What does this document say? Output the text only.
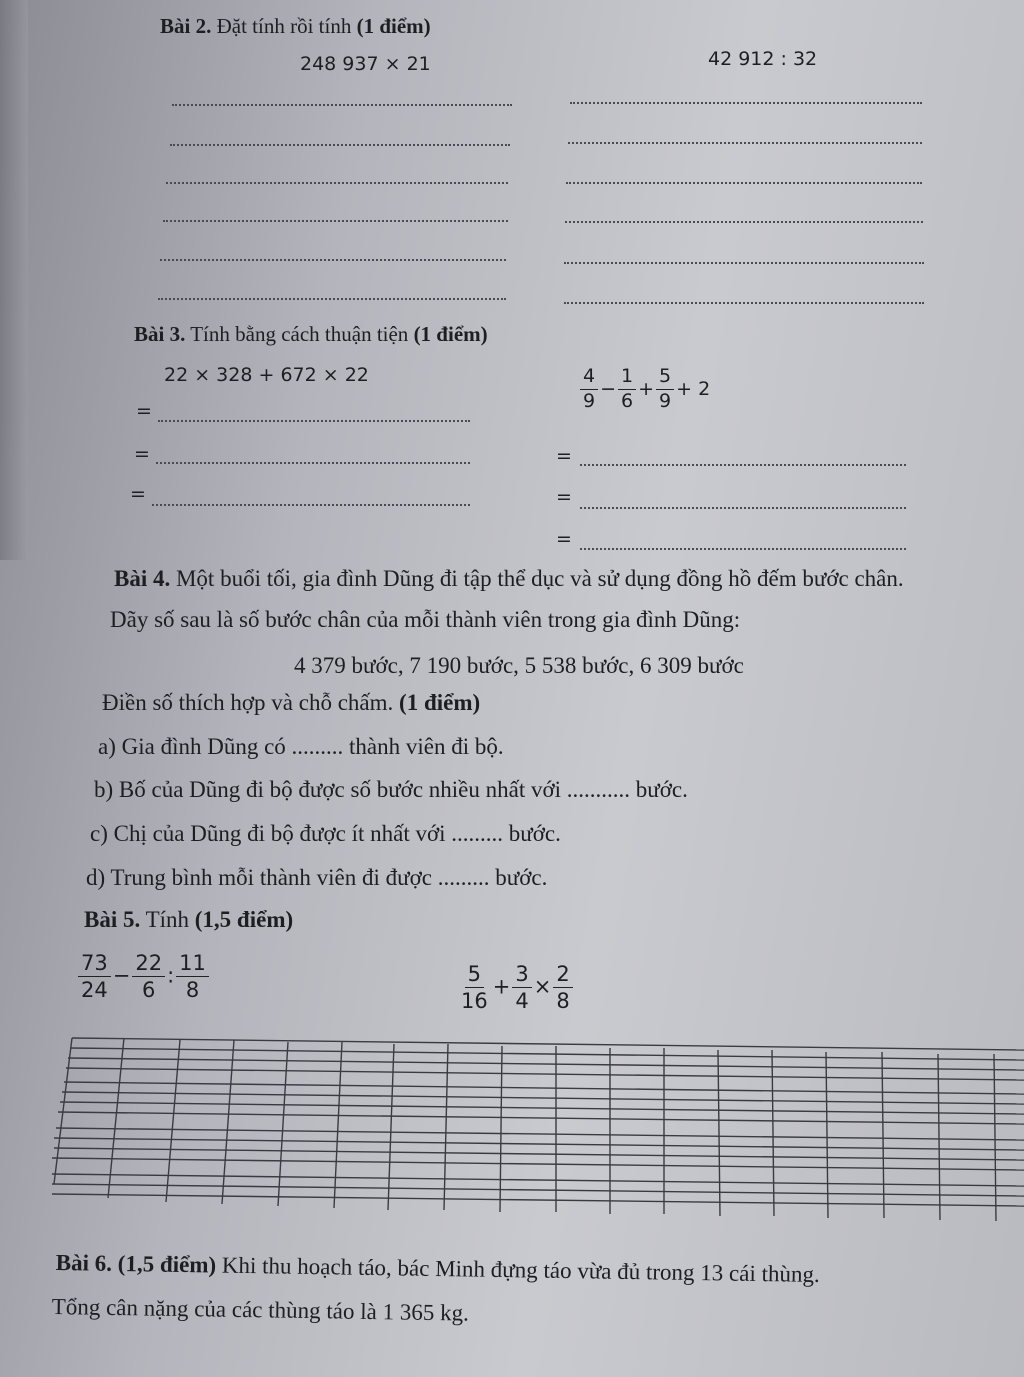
Bài 2. Đặt tính rồi tính (1 điểm)
248 937 × 21	42 912 : 32
Bài 3. Tính bằng cách thuận tiện (1 điểm)
22 × 328 + 672 × 22	$\frac{4}{9} - \frac{1}{6} + \frac{5}{9} + 2$
=
=
=
=
=
=
Bài 4. Một buổi tối, gia đình Dũng đi tập thể dục và sử dụng đồng hồ đếm bước chân.
Dãy số sau là số bước chân của mỗi thành viên trong gia đình Dũng:
4 379 bước, 7 190 bước, 5 538 bước, 6 309 bước
Điền số thích hợp và chỗ chấm. (1 điểm)
a) Gia đình Dũng có ......... thành viên đi bộ.
b) Bố của Dũng đi bộ được số bước nhiều nhất với ........... bước.
c) Chị của Dũng đi bộ được ít nhất với ......... bước.
d) Trung bình mỗi thành viên đi được ......... bước.
Bài 5. Tính (1,5 điểm)
$\frac{73}{24} - \frac{22}{6}$ : $\frac{11}{8}$	$\frac{5}{16} + \frac{3}{4} \times \frac{2}{8}$
Bài 6. (1,5 điểm) Khi thu hoạch táo, bác Minh đựng táo vừa đủ trong 13 cái thùng.
Tổng cân nặng của các thùng táo là 1 365 kg.
